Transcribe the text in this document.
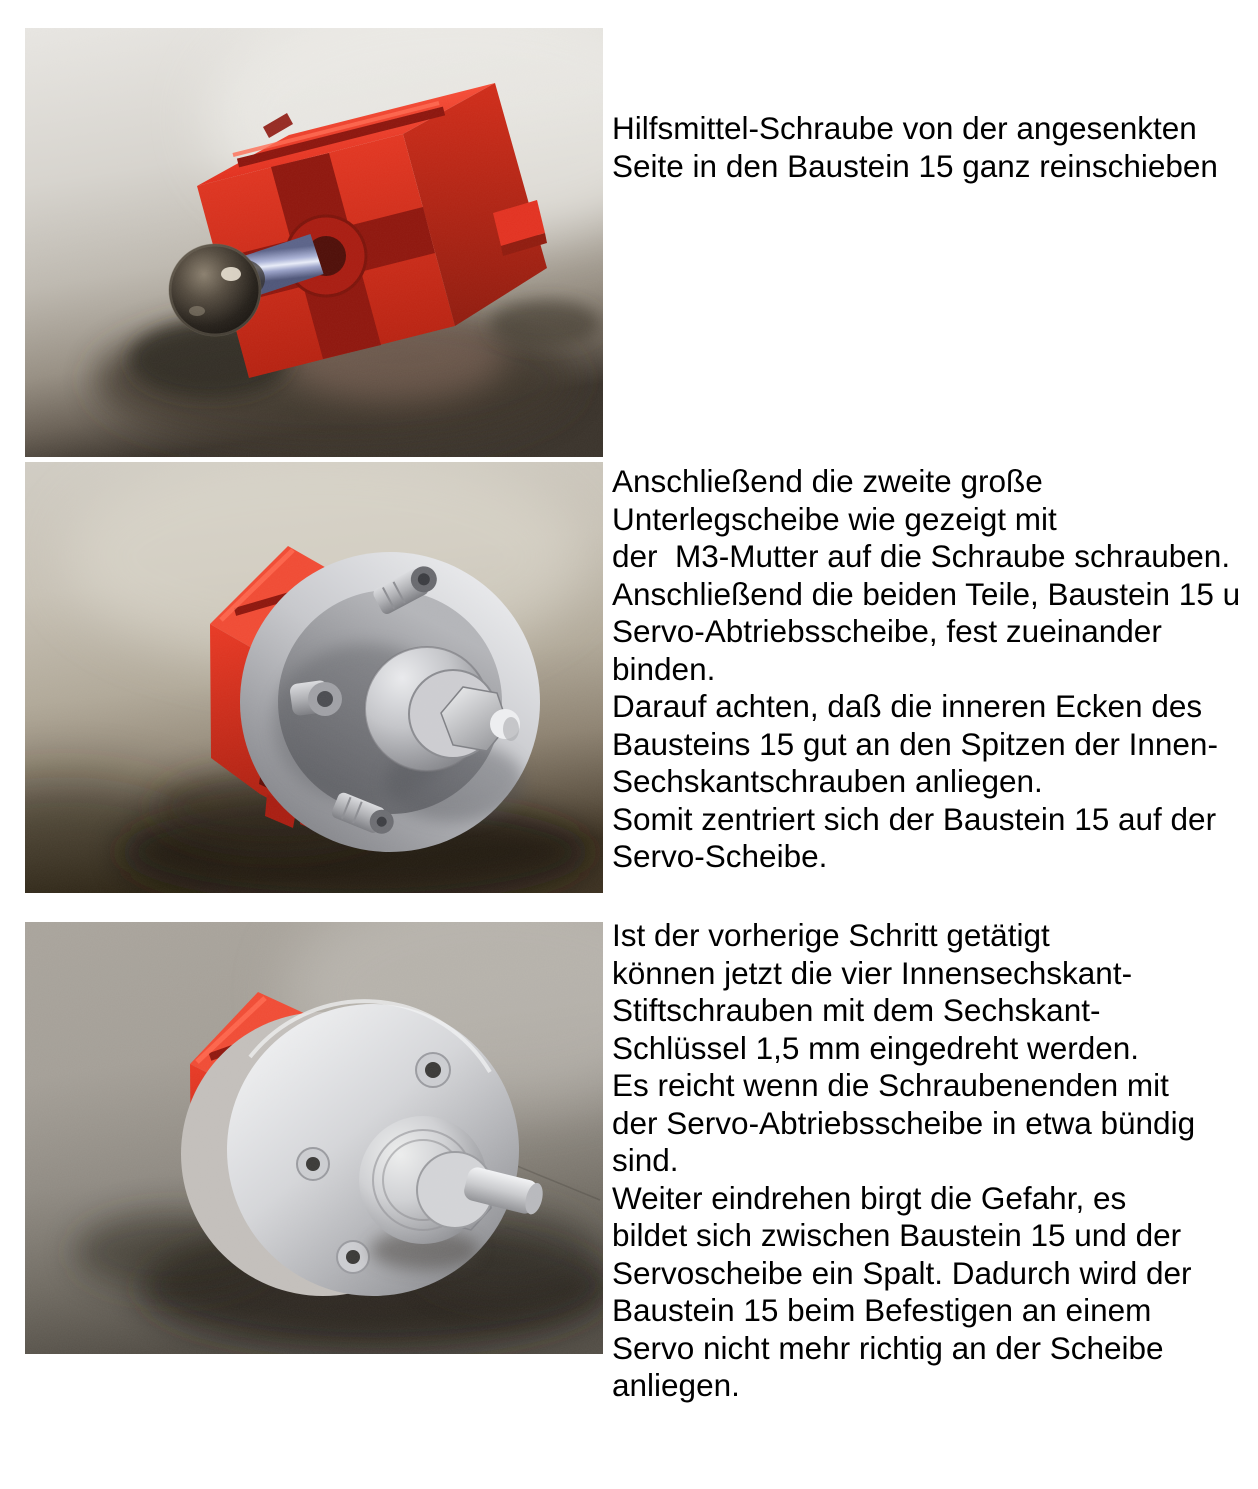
Hilfsmittel-Schraube von der angesenkten
Seite in den Baustein 15 ganz reinschieben
Anschließend die zweite große
Unterlegscheibe wie gezeigt mit
der  M3-Mutter auf die Schraube schrauben.
Anschließend die beiden Teile, Baustein 15 u
Servo-Abtriebsscheibe, fest zueinander
binden.
Darauf achten, daß die inneren Ecken des
Bausteins 15 gut an den Spitzen der Innen-
Sechskantschrauben anliegen.
Somit zentriert sich der Baustein 15 auf der
Servo-Scheibe.
Ist der vorherige Schritt getätigt
können jetzt die vier Innensechskant-
Stiftschrauben mit dem Sechskant-
Schlüssel 1,5 mm eingedreht werden.
Es reicht wenn die Schraubenenden mit
der Servo-Abtriebsscheibe in etwa bündig
sind.
Weiter eindrehen birgt die Gefahr, es
bildet sich zwischen Baustein 15 und der
Servoscheibe ein Spalt. Dadurch wird der
Baustein 15 beim Befestigen an einem
Servo nicht mehr richtig an der Scheibe
anliegen.
